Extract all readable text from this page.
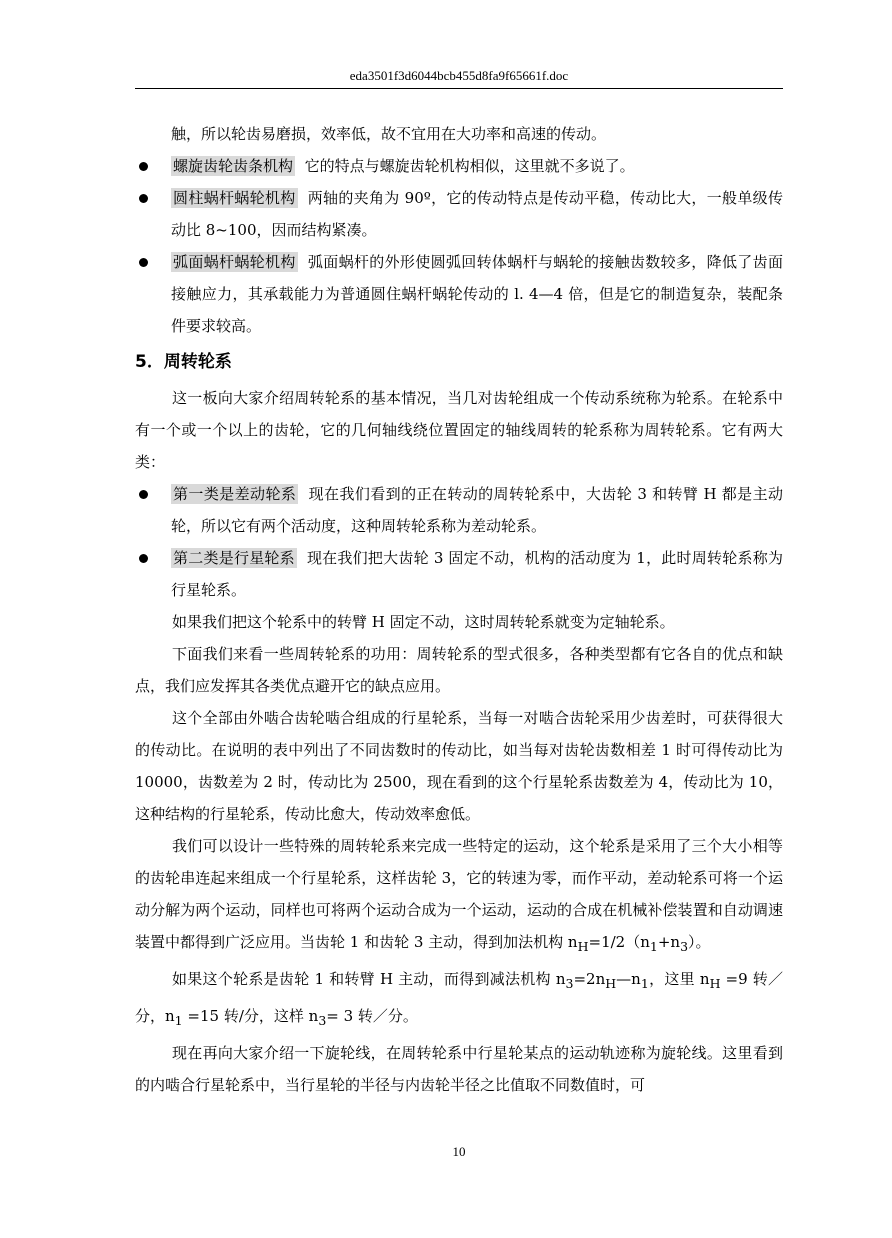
eda3501f3d6044bcb455d8fa9f65661f.doc

触，所以轮齿易磨损，效率低，故不宜用在大功率和高速的传动。

螺旋齿轮齿条机构 它的特点与螺旋齿轮机构相似，这里就不多说了。

圆柱蜗杆蜗轮机构 两轴的夹角为 90º，它的传动特点是传动平稳，传动比大，一般单级传动比 8~100，因而结构紧凑。

弧面蜗杆蜗轮机构 弧面蜗杆的外形使圆弧回转体蜗杆与蜗轮的接触齿数较多，降低了齿面接触应力，其承载能力为普通圆住蜗杆蜗轮传动的 l. 4—4 倍，但是它的制造复杂，装配条件要求较高。

5．周转轮系

这一板向大家介绍周转轮系的基本情况，当几对齿轮组成一个传动系统称为轮系。在轮系中有一个或一个以上的齿轮，它的几何轴线绕位置固定的轴线周转的轮系称为周转轮系。它有两大类：

第一类是差动轮系 现在我们看到的正在转动的周转轮系中，大齿轮 3 和转臂 H 都是主动轮，所以它有两个活动度，这种周转轮系称为差动轮系。

第二类是行星轮系 现在我们把大齿轮 3 固定不动，机构的活动度为 1，此时周转轮系称为行星轮系。

如果我们把这个轮系中的转臂 H 固定不动，这时周转轮系就变为定轴轮系。

下面我们来看一些周转轮系的功用：周转轮系的型式很多，各种类型都有它各自的优点和缺点，我们应发挥其各类优点避开它的缺点应用。

这个全部由外啮合齿轮啮合组成的行星轮系，当每一对啮合齿轮采用少齿差时，可获得很大的传动比。在说明的表中列出了不同齿数时的传动比，如当每对齿轮齿数相差 1 时可得传动比为 10000，齿数差为 2 时，传动比为 2500，现在看到的这个行星轮系齿数差为 4，传动比为 10，这种结构的行星轮系，传动比愈大，传动效率愈低。

我们可以设计一些特殊的周转轮系来完成一些特定的运动，这个轮系是采用了三个大小相等的齿轮串连起来组成一个行星轮系，这样齿轮 3，它的转速为零，而作平动，差动轮系可将一个运动分解为两个运动，同样也可将两个运动合成为一个运动，运动的合成在机械补偿装置和自动调速装置中都得到广泛应用。当齿轮 1 和齿轮 3 主动，得到加法机构 $n_H=1/2(n_1+n_3)$。

如果这个轮系是齿轮 1 和转臂 H 主动，而得到减法机构 $n_3=2n_H—n_1$，这里 $n_H =9$ 转／分，$n_1 =15$ 转/分，这样 $n_3= 3$ 转／分。

现在再向大家介绍一下旋轮线，在周转轮系中行星轮某点的运动轨迹称为旋轮线。这里看到的内啮合行星轮系中，当行星轮的半径与内齿轮半径之比值取不同数值时，可

10
